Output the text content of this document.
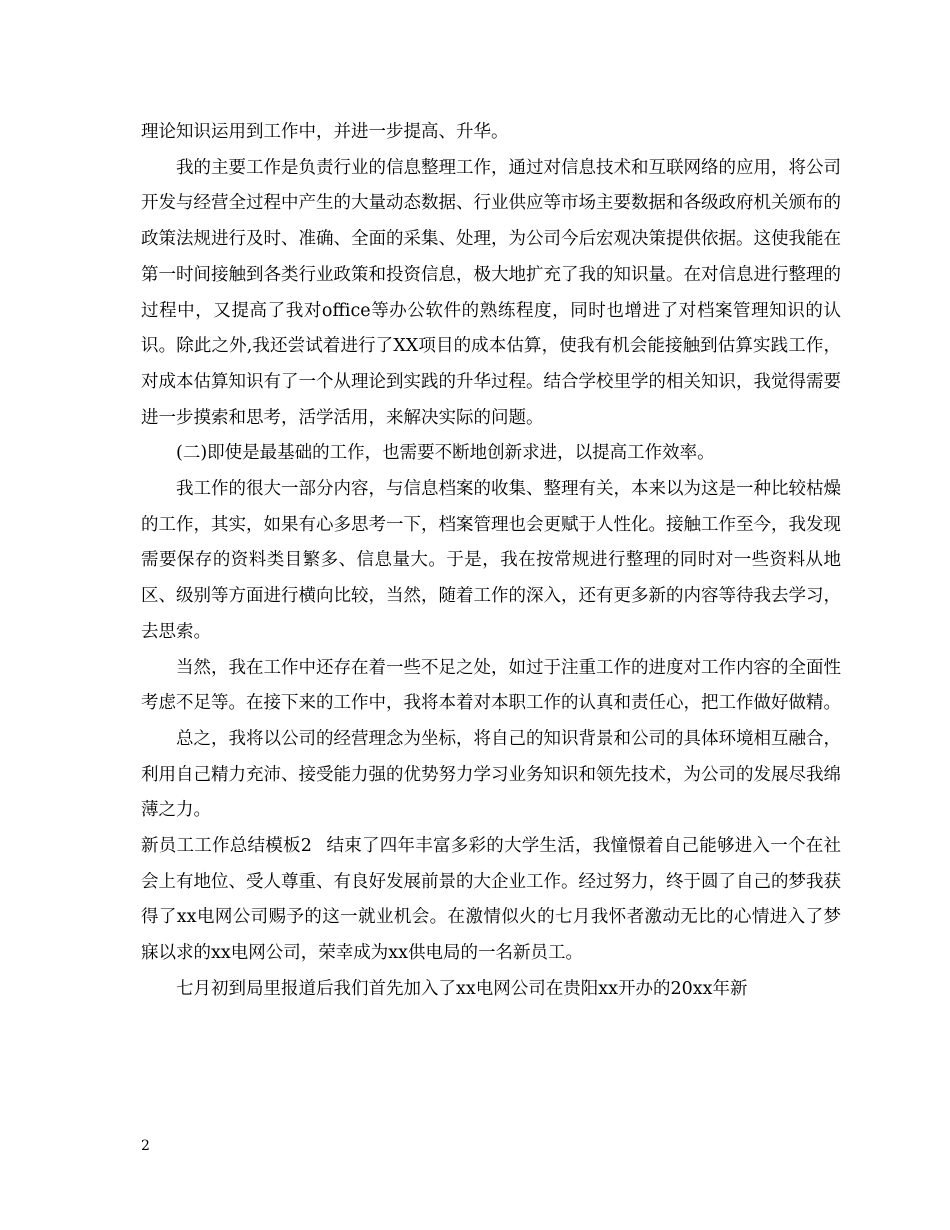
理论知识运用到工作中，并进一步提高、升华。

我的主要工作是负责行业的信息整理工作，通过对信息技术和互联网络的应用，将公司开发与经营全过程中产生的大量动态数据、行业供应等市场主要数据和各级政府机关颁布的政策法规进行及时、准确、全面的采集、处理，为公司今后宏观决策提供依据。这使我能在第一时间接触到各类行业政策和投资信息，极大地扩充了我的知识量。在对信息进行整理的过程中，又提高了我对office等办公软件的熟练程度，同时也增进了对档案管理知识的认识。除此之外,我还尝试着进行了XX项目的成本估算，使我有机会能接触到估算实践工作，对成本估算知识有了一个从理论到实践的升华过程。结合学校里学的相关知识，我觉得需要进一步摸索和思考，活学活用，来解决实际的问题。

(二)即使是最基础的工作，也需要不断地创新求进，以提高工作效率。

我工作的很大一部分内容，与信息档案的收集、整理有关，本来以为这是一种比较枯燥的工作，其实，如果有心多思考一下，档案管理也会更赋于人性化。接触工作至今，我发现需要保存的资料类目繁多、信息量大。于是，我在按常规进行整理的同时对一些资料从地区、级别等方面进行横向比较，当然，随着工作的深入，还有更多新的内容等待我去学习，去思索。

当然，我在工作中还存在着一些不足之处，如过于注重工作的进度对工作内容的全面性考虑不足等。在接下来的工作中，我将本着对本职工作的认真和责任心，把工作做好做精。

总之，我将以公司的经营理念为坐标，将自己的知识背景和公司的具体环境相互融合，利用自己精力充沛、接受能力强的优势努力学习业务知识和领先技术，为公司的发展尽我绵薄之力。

新员工工作总结模板2 结束了四年丰富多彩的大学生活，我憧憬着自己能够进入一个在社会上有地位、受人尊重、有良好发展前景的大企业工作。经过努力，终于圆了自己的梦我获得了xx电网公司赐予的这一就业机会。在激情似火的七月我怀者激动无比的心情进入了梦寐以求的xx电网公司，荣幸成为xx供电局的一名新员工。

七月初到局里报道后我们首先加入了xx电网公司在贵阳xx开办的20xx年新

2
